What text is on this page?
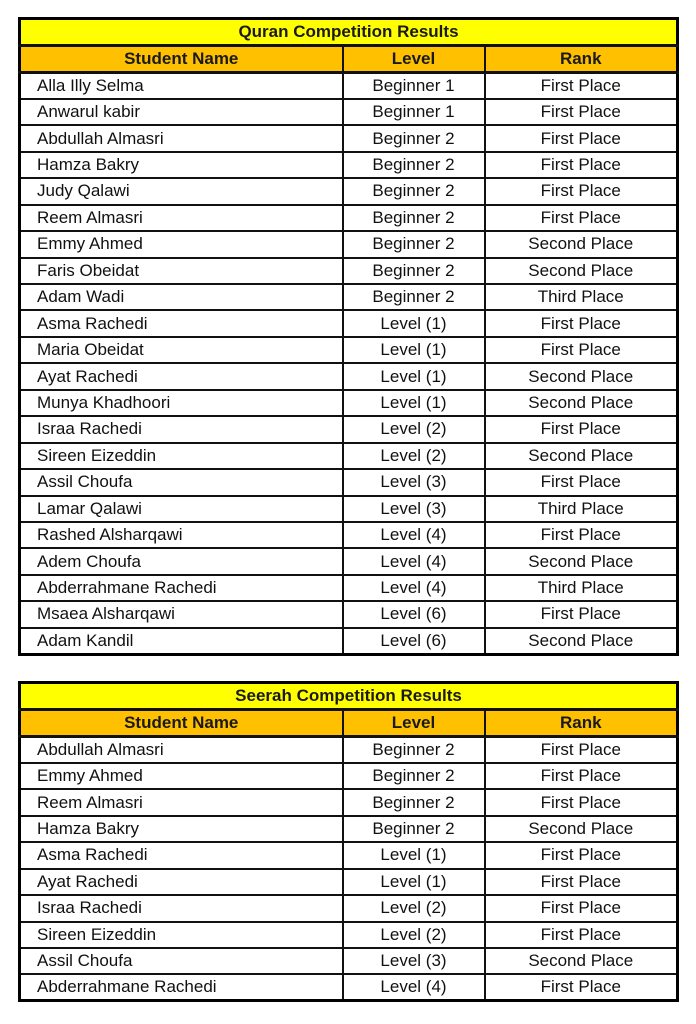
Quran Competition Results		
Student Name	Level	Rank
Alla Illy Selma	Beginner 1	First Place
Anwarul kabir	Beginner 1	First Place
Abdullah Almasri	Beginner 2	First Place
Hamza Bakry	Beginner 2	First Place
Judy Qalawi	Beginner 2	First Place
Reem Almasri	Beginner 2	First Place
Emmy Ahmed	Beginner 2	Second Place
Faris Obeidat	Beginner 2	Second Place
Adam Wadi	Beginner 2	Third Place
Asma Rachedi	Level (1)	First Place
Maria Obeidat	Level (1)	First Place
Ayat Rachedi	Level (1)	Second Place
Munya Khadhoori	Level (1)	Second Place
Israa Rachedi	Level (2)	First Place
Sireen Eizeddin	Level (2)	Second Place
Assil Choufa	Level (3)	First Place
Lamar Qalawi	Level (3)	Third Place
Rashed Alsharqawi	Level (4)	First Place
Adem Choufa	Level (4)	Second Place
Abderrahmane Rachedi	Level (4)	Third Place
Msaea Alsharqawi	Level (6)	First Place
Adam Kandil	Level (6)	Second Place
Seerah Competition Results		
Student Name	Level	Rank
Abdullah Almasri	Beginner 2	First Place
Emmy Ahmed	Beginner 2	First Place
Reem Almasri	Beginner 2	First Place
Hamza Bakry	Beginner 2	Second Place
Asma Rachedi	Level (1)	First Place
Ayat Rachedi	Level (1)	First Place
Israa Rachedi	Level (2)	First Place
Sireen Eizeddin	Level (2)	First Place
Assil Choufa	Level (3)	Second Place
Abderrahmane Rachedi	Level (4)	First Place
